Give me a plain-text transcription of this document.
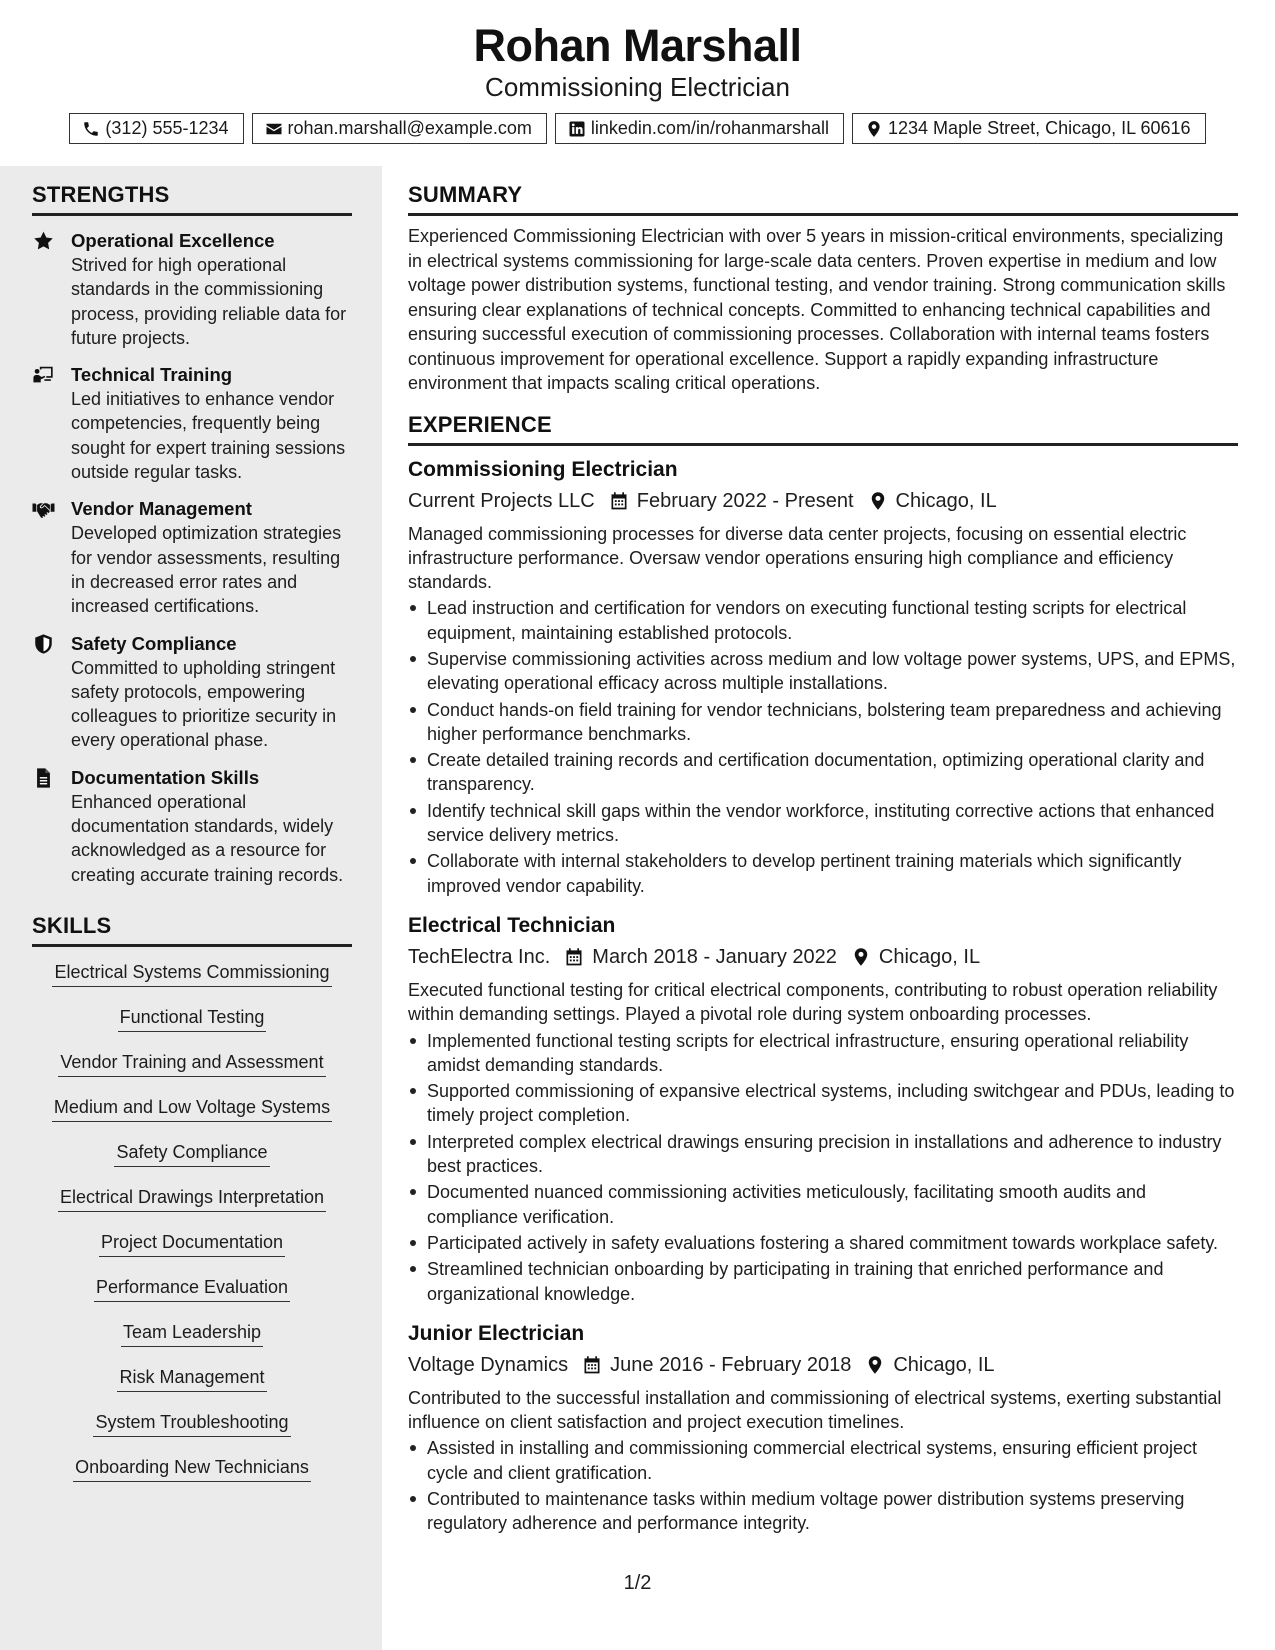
Rohan Marshall
Commissioning Electrician
(312) 555-1234	rohan.marshall@example.com	linkedin.com/in/rohanmarshall	1234 Maple Street, Chicago, IL 60616
STRENGTHS
Operational Excellence
Strived for high operational standards in the commissioning process, providing reliable data for future projects.
Technical Training
Led initiatives to enhance vendor competencies, frequently being sought for expert training sessions outside regular tasks.
Vendor Management
Developed optimization strategies for vendor assessments, resulting in decreased error rates and increased certifications.
Safety Compliance
Committed to upholding stringent safety protocols, empowering colleagues to prioritize security in every operational phase.
Documentation Skills
Enhanced operational documentation standards, widely acknowledged as a resource for creating accurate training records.
SKILLS
Electrical Systems Commissioning
Functional Testing
Vendor Training and Assessment
Medium and Low Voltage Systems
Safety Compliance
Electrical Drawings Interpretation
Project Documentation
Performance Evaluation
Team Leadership
Risk Management
System Troubleshooting
Onboarding New Technicians
SUMMARY
Experienced Commissioning Electrician with over 5 years in mission-critical environments, specializing in electrical systems commissioning for large-scale data centers. Proven expertise in medium and low voltage power distribution systems, functional testing, and vendor training. Strong communication skills ensuring clear explanations of technical concepts. Committed to enhancing technical capabilities and ensuring successful execution of commissioning processes. Collaboration with internal teams fosters continuous improvement for operational excellence. Support a rapidly expanding infrastructure environment that impacts scaling critical operations.
EXPERIENCE
Commissioning Electrician
Current Projects LLC February 2022 - Present Chicago, IL
Managed commissioning processes for diverse data center projects, focusing on essential electric infrastructure performance. Oversaw vendor operations ensuring high compliance and efficiency standards.
Lead instruction and certification for vendors on executing functional testing scripts for electrical equipment, maintaining established protocols.
Supervise commissioning activities across medium and low voltage power systems, UPS, and EPMS, elevating operational efficacy across multiple installations.
Conduct hands-on field training for vendor technicians, bolstering team preparedness and achieving higher performance benchmarks.
Create detailed training records and certification documentation, optimizing operational clarity and transparency.
Identify technical skill gaps within the vendor workforce, instituting corrective actions that enhanced service delivery metrics.
Collaborate with internal stakeholders to develop pertinent training materials which significantly improved vendor capability.
Electrical Technician
TechElectra Inc. March 2018 - January 2022 Chicago, IL
Executed functional testing for critical electrical components, contributing to robust operation reliability within demanding settings. Played a pivotal role during system onboarding processes.
Implemented functional testing scripts for electrical infrastructure, ensuring operational reliability amidst demanding standards.
Supported commissioning of expansive electrical systems, including switchgear and PDUs, leading to timely project completion.
Interpreted complex electrical drawings ensuring precision in installations and adherence to industry best practices.
Documented nuanced commissioning activities meticulously, facilitating smooth audits and compliance verification.
Participated actively in safety evaluations fostering a shared commitment towards workplace safety.
Streamlined technician onboarding by participating in training that enriched performance and organizational knowledge.
Junior Electrician
Voltage Dynamics June 2016 - February 2018 Chicago, IL
Contributed to the successful installation and commissioning of electrical systems, exerting substantial influence on client satisfaction and project execution timelines.
Assisted in installing and commissioning commercial electrical systems, ensuring efficient project cycle and client gratification.
Contributed to maintenance tasks within medium voltage power distribution systems preserving regulatory adherence and performance integrity.
1/2
